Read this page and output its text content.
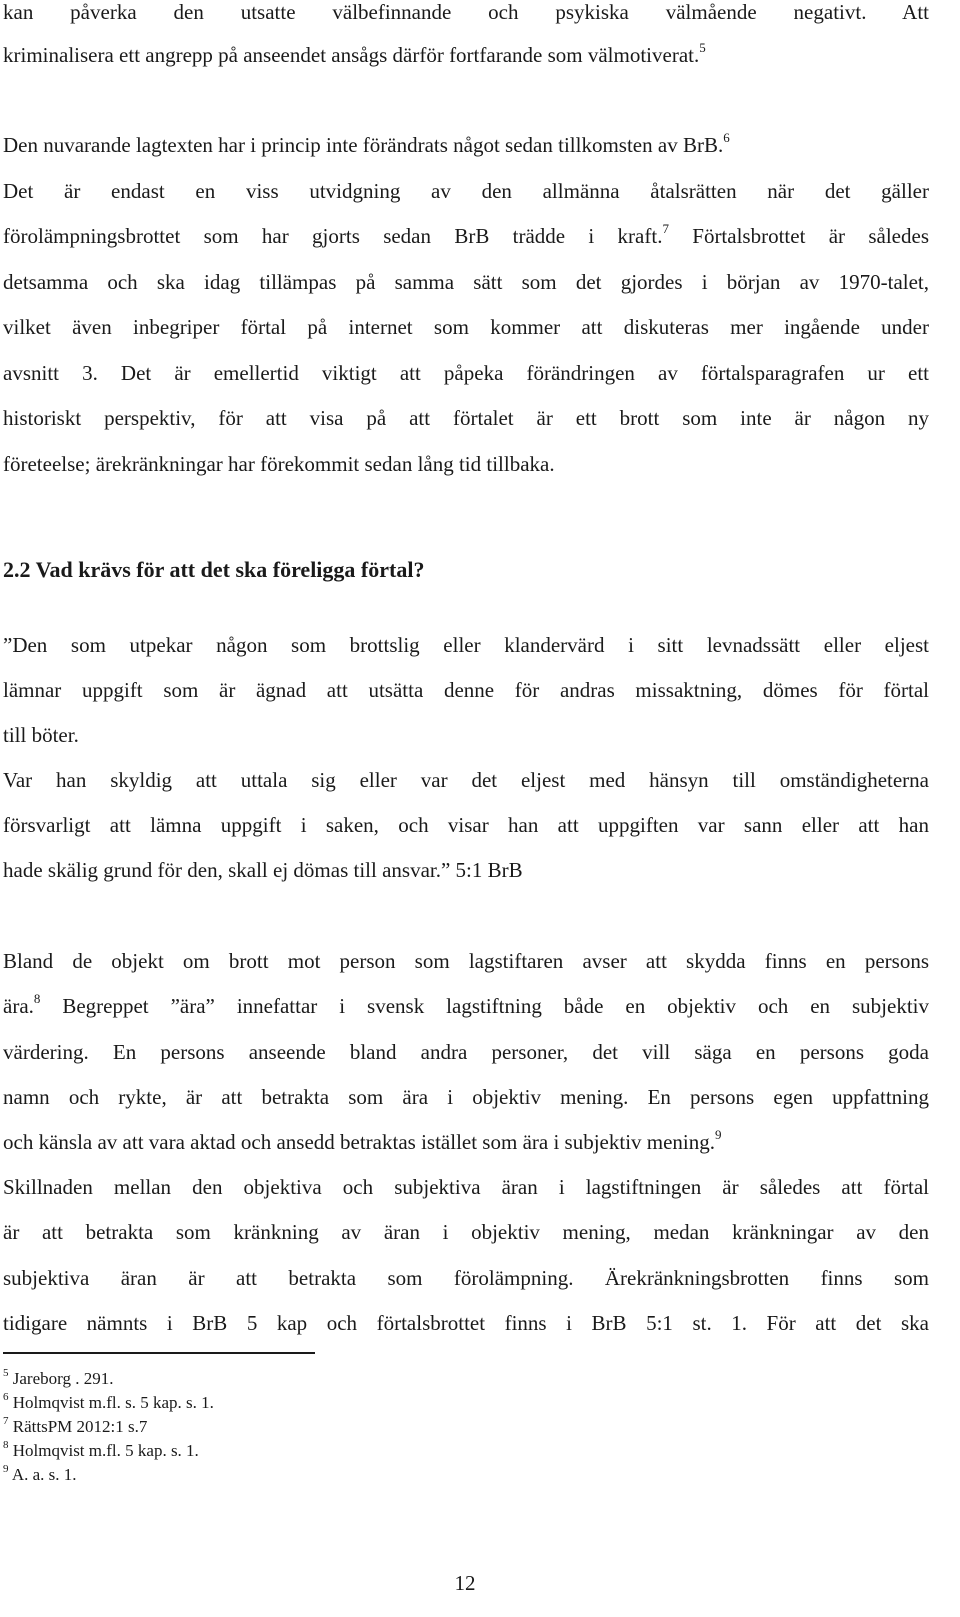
kan påverka den utsatte välbefinnande och psykiska välmående negativt. Att
kriminalisera ett angrepp på anseendet ansågs därför fortfarande som välmotiverat.$^5$
Den nuvarande lagtexten har i princip inte förändrats något sedan tillkomsten av BrB.$^6$
Det är endast en viss utvidgning av den allmänna åtalsrätten när det gäller
förolämpningsbrottet som har gjorts sedan BrB trädde i kraft.$^7$ Förtalsbrottet är således
detsamma och ska idag tillämpas på samma sätt som det gjordes i början av 1970-talet,
vilket även inbegriper förtal på internet som kommer att diskuteras mer ingående under
avsnitt 3. Det är emellertid viktigt att påpeka förändringen av förtalsparagrafen ur ett
historiskt perspektiv, för att visa på att förtalet är ett brott som inte är någon ny
företeelse; ärekränkningar har förekommit sedan lång tid tillbaka.
2.2 Vad krävs för att det ska föreligga förtal?
”Den som utpekar någon som brottslig eller klandervärd i sitt levnadssätt eller eljest
lämnar uppgift som är ägnad att utsätta denne för andras missaktning, dömes för förtal
till böter.
Var han skyldig att uttala sig eller var det eljest med hänsyn till omständigheterna
försvarligt att lämna uppgift i saken, och visar han att uppgiften var sann eller att han
hade skälig grund för den, skall ej dömas till ansvar.” 5:1 BrB
Bland de objekt om brott mot person som lagstiftaren avser att skydda finns en persons
ära.$^8$ Begreppet ”ära” innefattar i svensk lagstiftning både en objektiv och en subjektiv
värdering. En persons anseende bland andra personer, det vill säga en persons goda
namn och rykte, är att betrakta som ära i objektiv mening. En persons egen uppfattning
och känsla av att vara aktad och ansedd betraktas istället som ära i subjektiv mening.$^9$
Skillnaden mellan den objektiva och subjektiva äran i lagstiftningen är således att förtal
är att betrakta som kränkning av äran i objektiv mening, medan kränkningar av den
subjektiva äran är att betrakta som förolämpning. Ärekränkningsbrotten finns som
tidigare nämnts i BrB 5 kap och förtalsbrottet finns i BrB 5:1 st. 1. För att det ska
$^5$ Jareborg . 291.
$^6$ Holmqvist m.fl. s. 5 kap. s. 1.
$^7$ RättsPM 2012:1 s.7
$^8$ Holmqvist m.fl. 5 kap. s. 1.
$^9$ A. a. s. 1.
12
